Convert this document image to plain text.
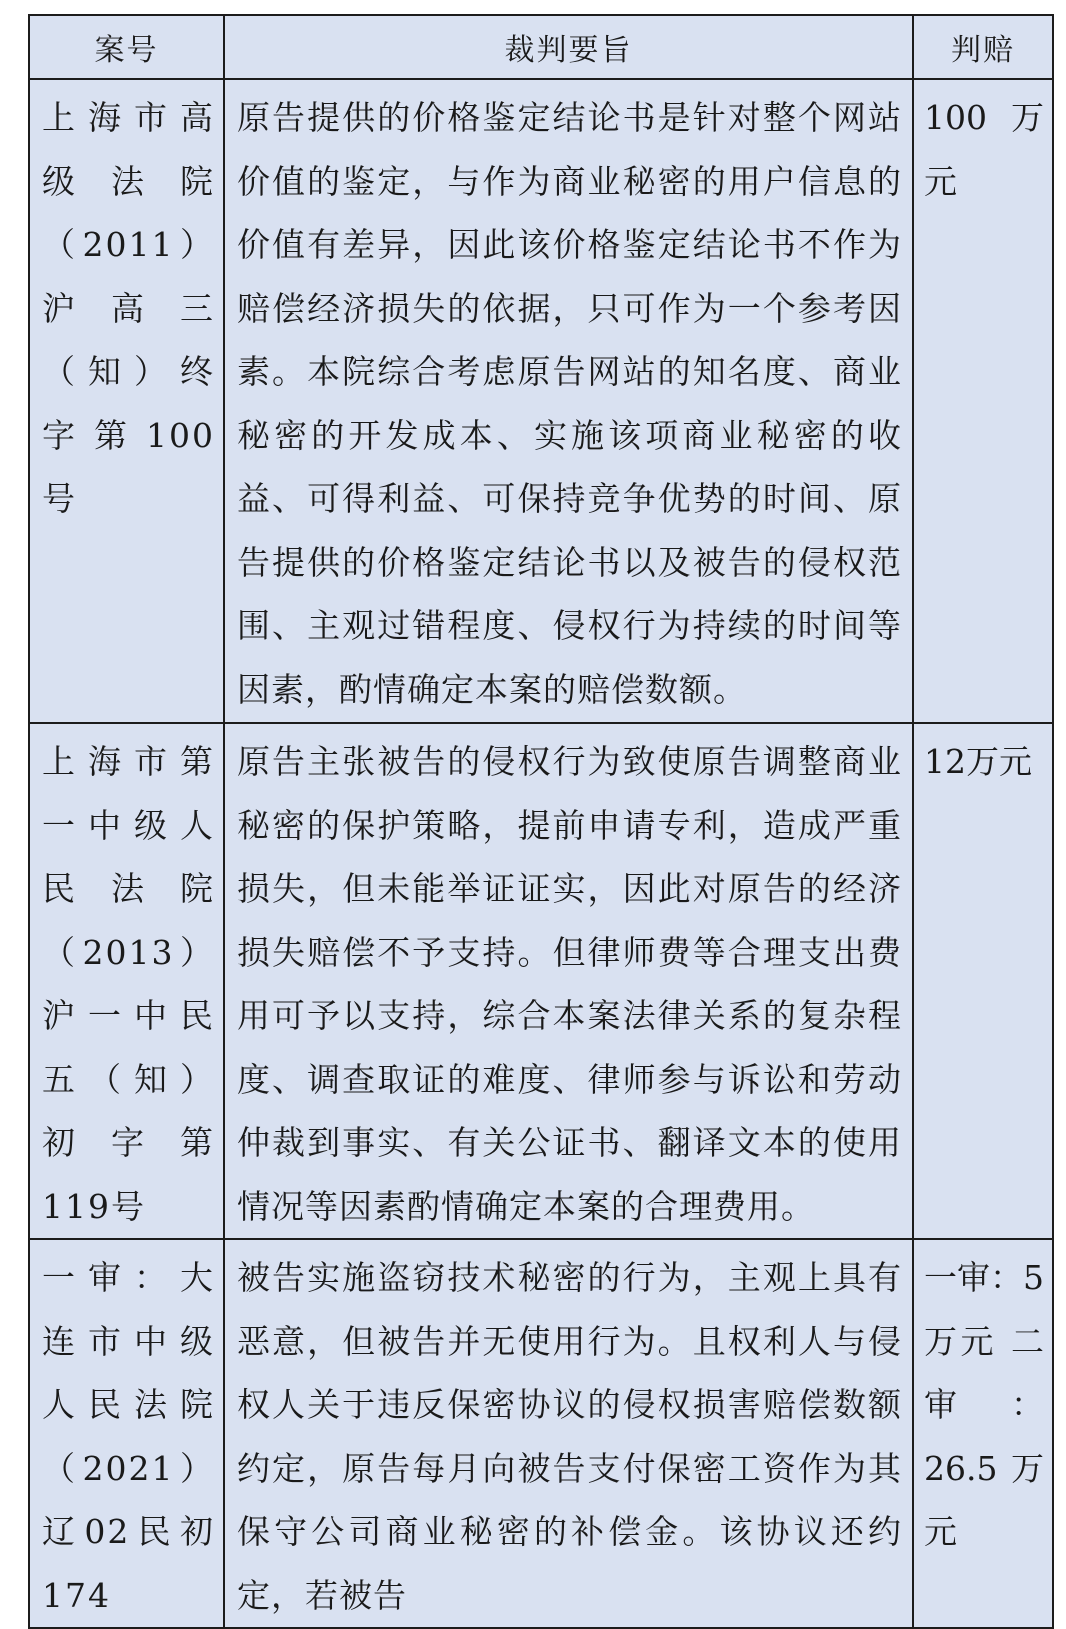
案号	裁判要旨	判赔
上海市高级法院（2011）沪高三（知）终字第100号	原告提供的价格鉴定结论书是针对整个网站价值的鉴定，与作为商业秘密的用户信息的价值有差异，因此该价格鉴定结论书不作为赔偿经济损失的依据，只可作为一个参考因素。本院综合考虑原告网站的知名度、商业秘密的开发成本、实施该项商业秘密的收益、可得利益、可保持竞争优势的时间、原告提供的价格鉴定结论书以及被告的侵权范围、主观过错程度、侵权行为持续的时间等因素，酌情确定本案的赔偿数额。	100 万元
上海市第一中级人民法院（2013）沪一中民五（知）初字第119号	原告主张被告的侵权行为致使原告调整商业秘密的保护策略，提前申请专利，造成严重损失，但未能举证证实，因此对原告的经济损失赔偿不予支持。但律师费等合理支出费用可予以支持，综合本案法律关系的复杂程度、调查取证的难度、律师参与诉讼和劳动仲裁到事实、有关公证书、翻译文本的使用情况等因素酌情确定本案的合理费用。	12万元
一审：大连市中级人民法院（2021）辽02民初174	被告实施盗窃技术秘密的行为，主观上具有恶意，但被告并无使用行为。且权利人与侵权人关于违反保密协议的侵权损害赔偿数额约定，原告每月向被告支付保密工资作为其保守公司商业秘密的补偿金。该协议还约定，若被告	一审：5万元 二审：26.5 万元
